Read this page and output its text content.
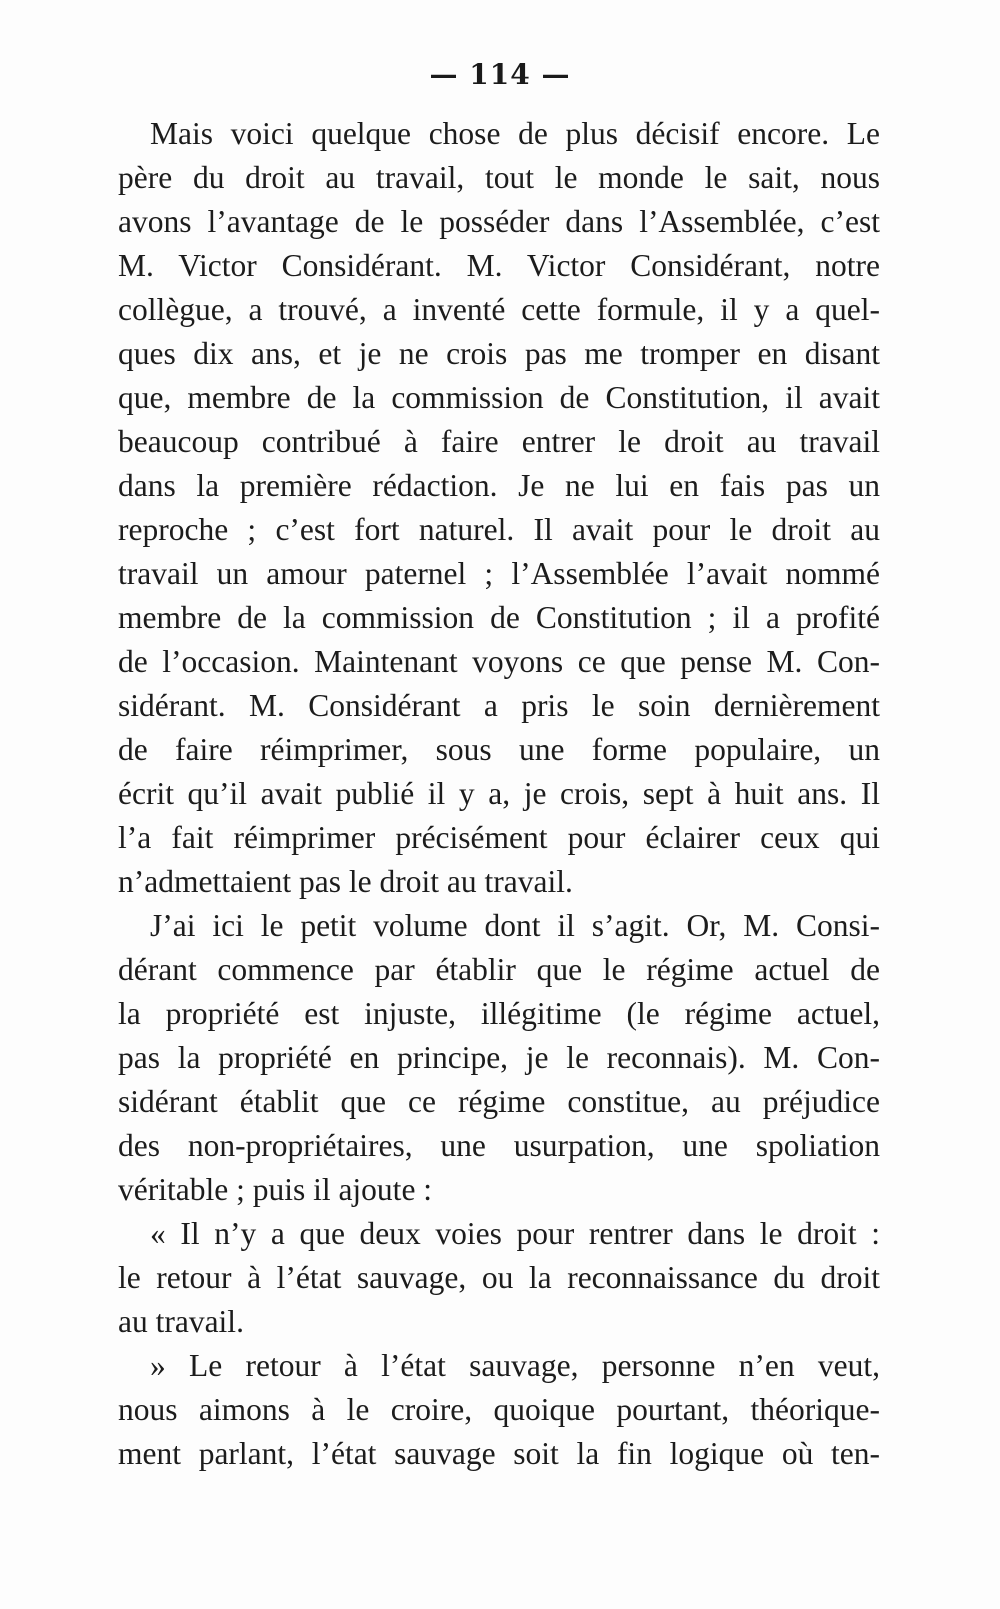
— 114 —
Mais voici quelque chose de plus décisif encore. Le
père du droit au travail, tout le monde le sait, nous
avons l’avantage de le posséder dans l’Assemblée, c’est
M. Victor Considérant. M. Victor Considérant, notre
collègue, a trouvé, a inventé cette formule, il y a quel-
ques dix ans, et je ne crois pas me tromper en disant
que, membre de la commission de Constitution, il avait
beaucoup contribué à faire entrer le droit au travail
dans la première rédaction. Je ne lui en fais pas un
reproche ; c’est fort naturel. Il avait pour le droit au
travail un amour paternel ; l’Assemblée l’avait nommé
membre de la commission de Constitution ; il a profité
de l’occasion. Maintenant voyons ce que pense M. Con-
sidérant. M. Considérant a pris le soin dernièrement
de faire réimprimer, sous une forme populaire, un
écrit qu’il avait publié il y a, je crois, sept à huit ans. Il
l’a fait réimprimer précisément pour éclairer ceux qui
n’admettaient pas le droit au travail.
J’ai ici le petit volume dont il s’agit. Or, M. Consi-
dérant commence par établir que le régime actuel de
la propriété est injuste, illégitime (le régime actuel,
pas la propriété en principe, je le reconnais). M. Con-
sidérant établit que ce régime constitue, au préjudice
des non-propriétaires, une usurpation, une spoliation
véritable ; puis il ajoute :
« Il n’y a que deux voies pour rentrer dans le droit :
le retour à l’état sauvage, ou la reconnaissance du droit
au travail.
» Le retour à l’état sauvage, personne n’en veut,
nous aimons à le croire, quoique pourtant, théorique-
ment parlant, l’état sauvage soit la fin logique où ten-
